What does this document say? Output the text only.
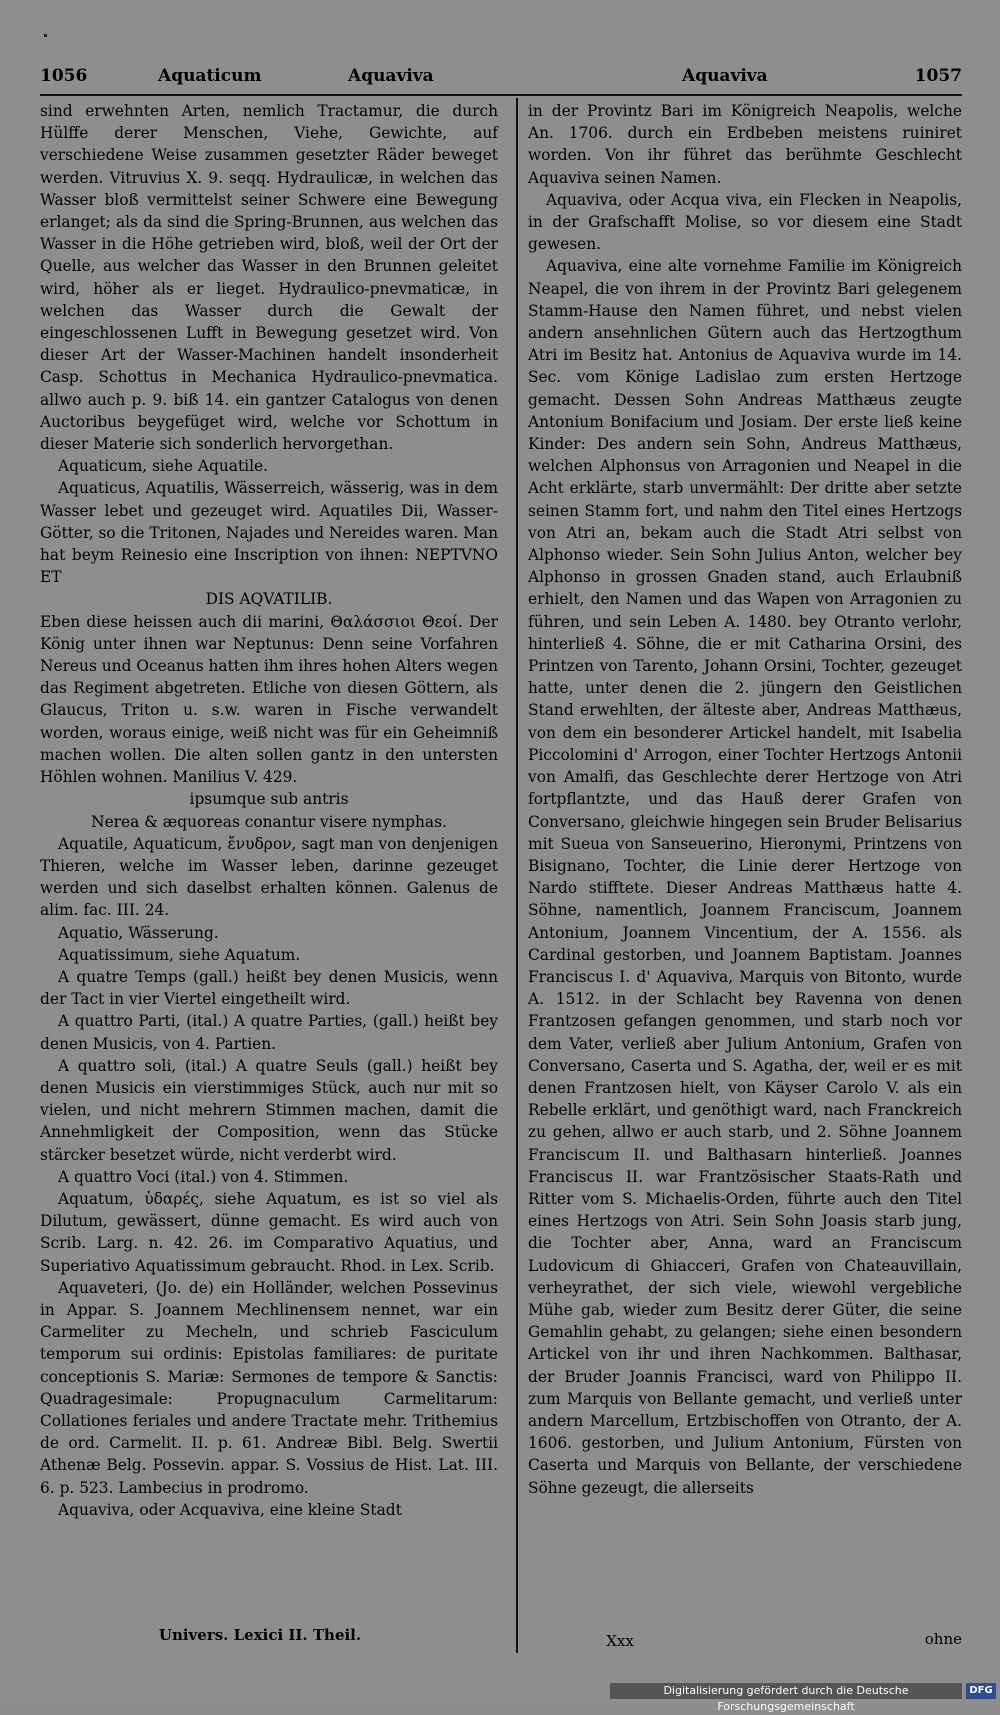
1056	Aquaticum	Aquaviva	Aquaviva	1057

sind erwehnten Arten, nemlich Tractamur, die durch Hülffe derer Menschen, Viehe, Gewichte, auf verschiedene Weise zusammen gesetzter Räder beweget werden. Vitruvius X. 9. seqq. Hydraulicæ, in welchen das Wasser bloß vermittelst seiner Schwere eine Bewegung erlanget; als da sind die Spring-Brunnen, aus welchen das Wasser in die Höhe getrieben wird, bloß, weil der Ort der Quelle, aus welcher das Wasser in den Brunnen geleitet wird, höher als er lieget. Hydraulico-pnevmaticæ, in welchen das Wasser durch die Gewalt der eingeschlossenen Lufft in Bewegung gesetzet wird. Von dieser Art der Wasser-Machinen handelt insonderheit Casp. Schottus in Mechanica Hydraulico-pnevmatica. allwo auch p. 9. biß 14. ein gantzer Catalogus von denen Auctoribus beygefüget wird, welche vor Schottum in dieser Materie sich sonderlich hervorgethan.

Aquaticum, siehe Aquatile.

Aquaticus, Aquatilis, Wässerreich, wässerig, was in dem Wasser lebet und gezeuget wird. Aquatiles Dii, Wasser-Götter, so die Tritonen, Najades und Nereides waren. Man hat beym Reinesio eine Inscription von ihnen: NEPTVNO ET

DIS AQVATILIB.

Eben diese heissen auch dii marini, Θαλάσσιοι Θεοί. Der König unter ihnen war Neptunus: Denn seine Vorfahren Nereus und Oceanus hatten ihm ihres hohen Alters wegen das Regiment abgetreten. Etliche von diesen Göttern, als Glaucus, Triton u. s.w. waren in Fische verwandelt worden, woraus einige, weiß nicht was für ein Geheimniß machen wollen. Die alten sollen gantz in den untersten Höhlen wohnen. Manilius V. 429.

ipsumque sub antris

Nerea & æquoreas conantur visere nymphas.

Aquatile, Aquaticum, ἔνυδρον, sagt man von denjenigen Thieren, welche im Wasser leben, darinne gezeuget werden und sich daselbst erhalten können. Galenus de alim. fac. III. 24.

Aquatio, Wässerung.

Aquatissimum, siehe Aquatum.

A quatre Temps (gall.) heißt bey denen Musicis, wenn der Tact in vier Viertel eingetheilt wird.

A quattro Parti, (ital.) A quatre Parties, (gall.) heißt bey denen Musicis, von 4. Partien.

A quattro soli, (ital.) A quatre Seuls (gall.) heißt bey denen Musicis ein vierstimmiges Stück, auch nur mit so vielen, und nicht mehrern Stimmen machen, damit die Annehmligkeit der Composition, wenn das Stücke stärcker besetzet würde, nicht verderbt wird.

A quattro Voci (ital.) von 4. Stimmen.

Aquatum, ὑδαρές, siehe Aquatum, es ist so viel als Dilutum, gewässert, dünne gemacht. Es wird auch von Scrib. Larg. n. 42. 26. im Comparativo Aquatius, und Superiativo Aquatissimum gebraucht. Rhod. in Lex. Scrib.

Aquaveteri, (Jo. de) ein Holländer, welchen Possevinus in Appar. S. Joannem Mechlinensem nennet, war ein Carmeliter zu Mecheln, und schrieb Fasciculum temporum sui ordinis: Epistolas familiares: de puritate conceptionis S. Mariæ: Sermones de tempore & Sanctis: Quadragesimale: Propugnaculum Carmelitarum: Collationes feriales und andere Tractate mehr. Trithemius de ord. Carmelit. II. p. 61. Andreæ Bibl. Belg. Swertii Athenæ Belg. Possevin. appar. S. Vossius de Hist. Lat. III. 6. p. 523. Lambecius in prodromo.

Aquaviva, oder Acquaviva, eine kleine Stadt

in der Provintz Bari im Königreich Neapolis, welche An. 1706. durch ein Erdbeben meistens ruiniret worden. Von ihr führet das berühmte Geschlecht Aquaviva seinen Namen.

Aquaviva, oder Acqua viva, ein Flecken in Neapolis, in der Grafschafft Molise, so vor diesem eine Stadt gewesen.

Aquaviva, eine alte vornehme Familie im Königreich Neapel, die von ihrem in der Provintz Bari gelegenem Stamm-Hause den Namen führet, und nebst vielen andern ansehnlichen Gütern auch das Hertzogthum Atri im Besitz hat. Antonius de Aquaviva wurde im 14. Sec. vom Könige Ladislao zum ersten Hertzoge gemacht. Dessen Sohn Andreas Matthæus zeugte Antonium Bonifacium und Josiam. Der erste ließ keine Kinder: Des andern sein Sohn, Andreus Matthæus, welchen Alphonsus von Arragonien und Neapel in die Acht erklärte, starb unvermählt: Der dritte aber setzte seinen Stamm fort, und nahm den Titel eines Hertzogs von Atri an, bekam auch die Stadt Atri selbst von Alphonso wieder. Sein Sohn Julius Anton, welcher bey Alphonso in grossen Gnaden stand, auch Erlaubniß erhielt, den Namen und das Wapen von Arragonien zu führen, und sein Leben A. 1480. bey Otranto verlohr, hinterließ 4. Söhne, die er mit Catharina Orsini, des Printzen von Tarento, Johann Orsini, Tochter, gezeuget hatte, unter denen die 2. jüngern den Geistlichen Stand erwehlten, der älteste aber, Andreas Matthæus, von dem ein besonderer Artickel handelt, mit Isabelia Piccolomini d' Arrogon, einer Tochter Hertzogs Antonii von Amalfi, das Geschlechte derer Hertzoge von Atri fortpflantzte, und das Hauß derer Grafen von Conversano, gleichwie hingegen sein Bruder Belisarius mit Sueua von Sanseuerino, Hieronymi, Printzens von Bisignano, Tochter, die Linie derer Hertzoge von Nardo stifftete. Dieser Andreas Matthæus hatte 4. Söhne, namentlich, Joannem Franciscum, Joannem Antonium, Joannem Vincentium, der A. 1556. als Cardinal gestorben, und Joannem Baptistam. Joannes Franciscus I. d' Aquaviva, Marquis von Bitonto, wurde A. 1512. in der Schlacht bey Ravenna von denen Frantzosen gefangen genommen, und starb noch vor dem Vater, verließ aber Julium Antonium, Grafen von Conversano, Caserta und S. Agatha, der, weil er es mit denen Frantzosen hielt, von Käyser Carolo V. als ein Rebelle erklärt, und genöthigt ward, nach Franckreich zu gehen, allwo er auch starb, und 2. Söhne Joannem Franciscum II. und Balthasarn hinterließ. Joannes Franciscus II. war Frantzösischer Staats-Rath und Ritter vom S. Michaelis-Orden, führte auch den Titel eines Hertzogs von Atri. Sein Sohn Joasis starb jung, die Tochter aber, Anna, ward an Franciscum Ludovicum di Ghiacceri, Grafen von Chateauvillain, verheyrathet, der sich viele, wiewohl vergebliche Mühe gab, wieder zum Besitz derer Güter, die seine Gemahlin gehabt, zu gelangen; siehe einen besondern Artickel von ihr und ihren Nachkommen. Balthasar, der Bruder Joannis Francisci, ward von Philippo II. zum Marquis von Bellante gemacht, und verließ unter andern Marcellum, Ertzbischoffen von Otranto, der A. 1606. gestorben, und Julium Antonium, Fürsten von Caserta und Marquis von Bellante, der verschiedene Söhne gezeugt, die allerseits

Univers. Lexici II. Theil.	Xxx	ohne
Digitalisierung gefördert durch die Deutsche Forschungsgemeinschaft
DFG
